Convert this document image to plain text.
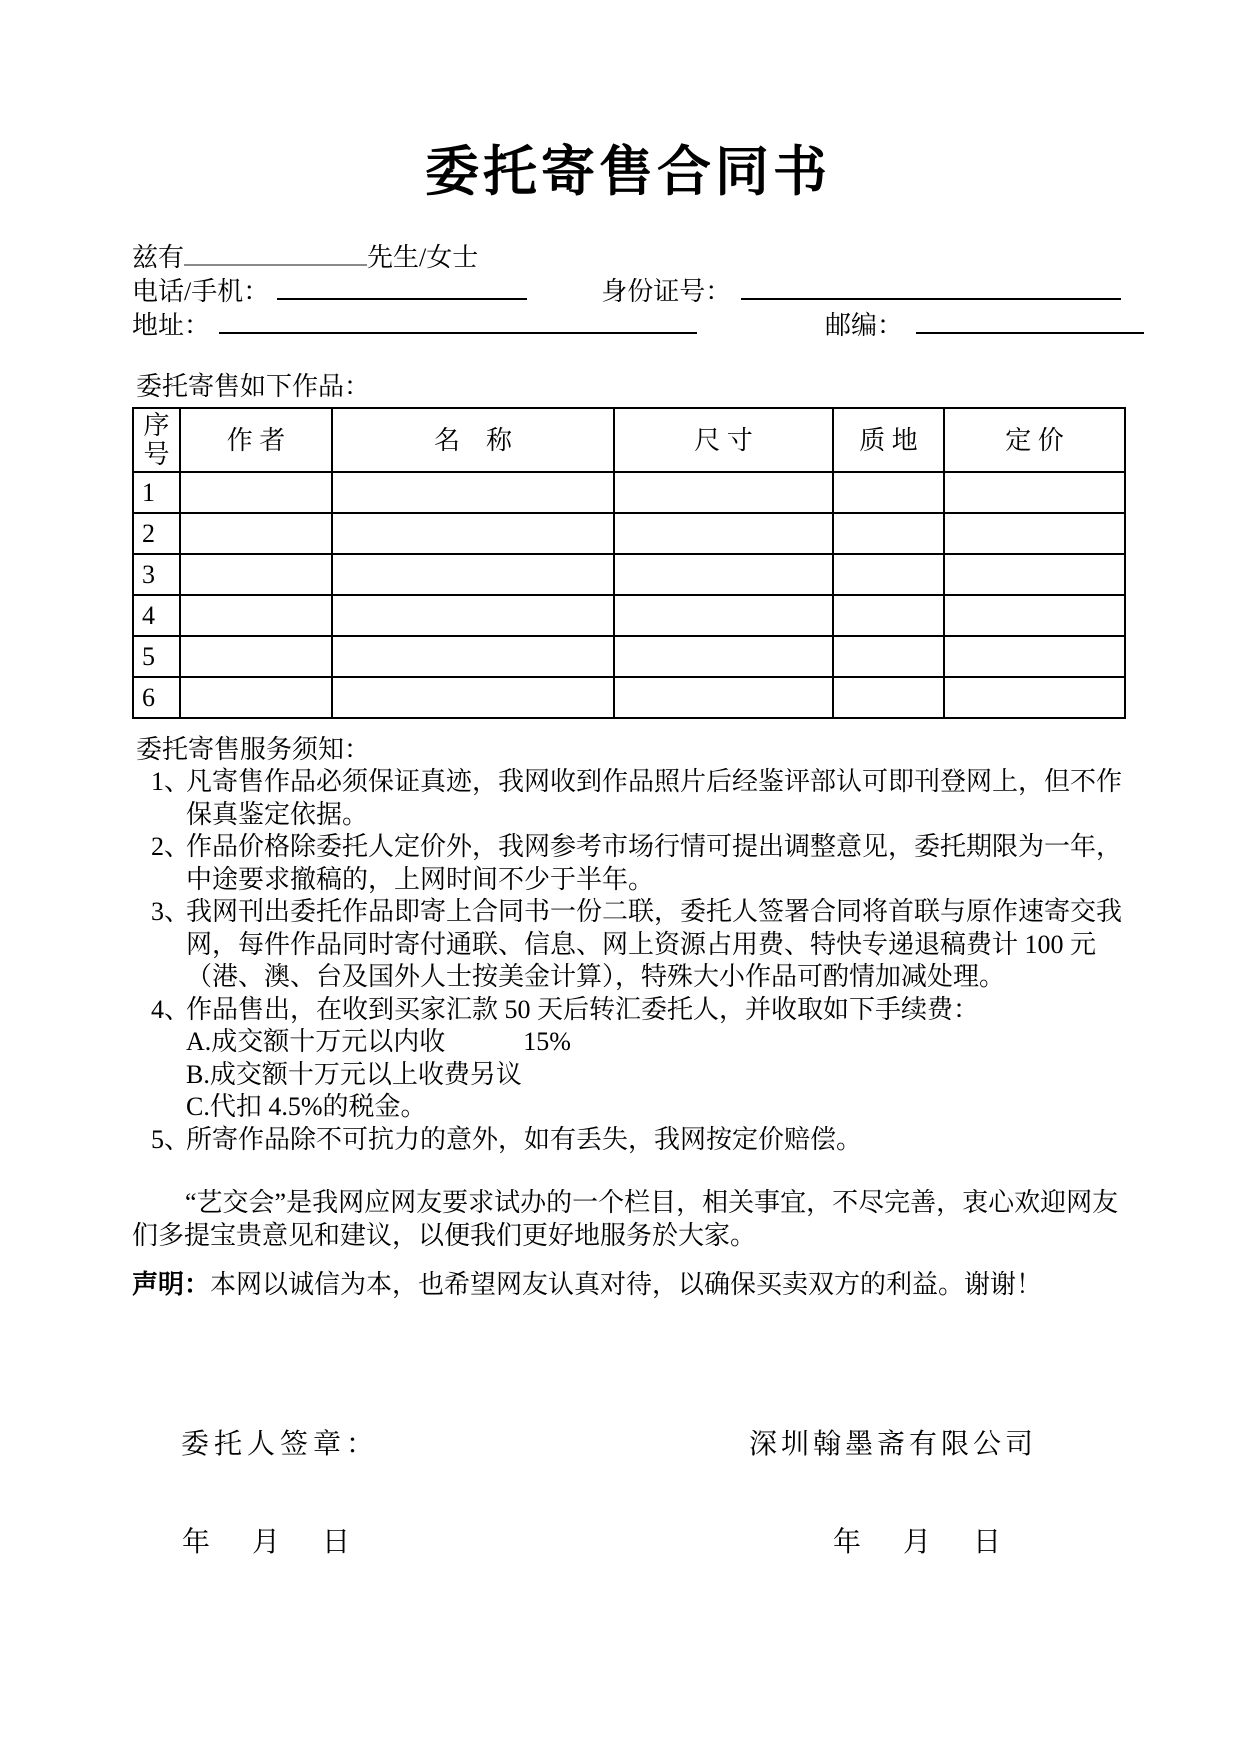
委托寄售合同书
兹有	先生/女士
电话/手机：	身份证号：
地址：	邮编：
委托寄售如下作品：
序号	作 者	名　称	尺 寸	质 地	定 价
1					
2					
3					
4					
5					
6					
委托寄售服务须知：
1、
凡寄售作品必须保证真迹，我网收到作品照片后经鉴评部认可即刊登网上，但不作
保真鉴定依据。
2、
作品价格除委托人定价外，我网参考市场行情可提出调整意见，委托期限为一年，
中途要求撤稿的，上网时间不少于半年。
3、
我网刊出委托作品即寄上合同书一份二联，委托人签署合同将首联与原作速寄交我
网，每件作品同时寄付通联、信息、网上资源占用费、特快专递退稿费计 100 元
（港、澳、台及国外人士按美金计算），特殊大小作品可酌情加减处理。
4、
作品售出，在收到买家汇款 50 天后转汇委托人，并收取如下手续费：
A.成交额十万元以内收　　　15%
B.成交额十万元以上收费另议
C.代扣 4.5%的税金。
5、
所寄作品除不可抗力的意外，如有丢失，我网按定价赔偿。
“艺交会”是我网应网友要求试办的一个栏目，相关事宜，不尽完善，衷心欢迎网友
们多提宝贵意见和建议，以便我们更好地服务於大家。
声明：本网以诚信为本，也希望网友认真对待，以确保买卖双方的利益。谢谢！
委托人签章：	深圳翰墨斋有限公司
年　月　日	年　月　日
